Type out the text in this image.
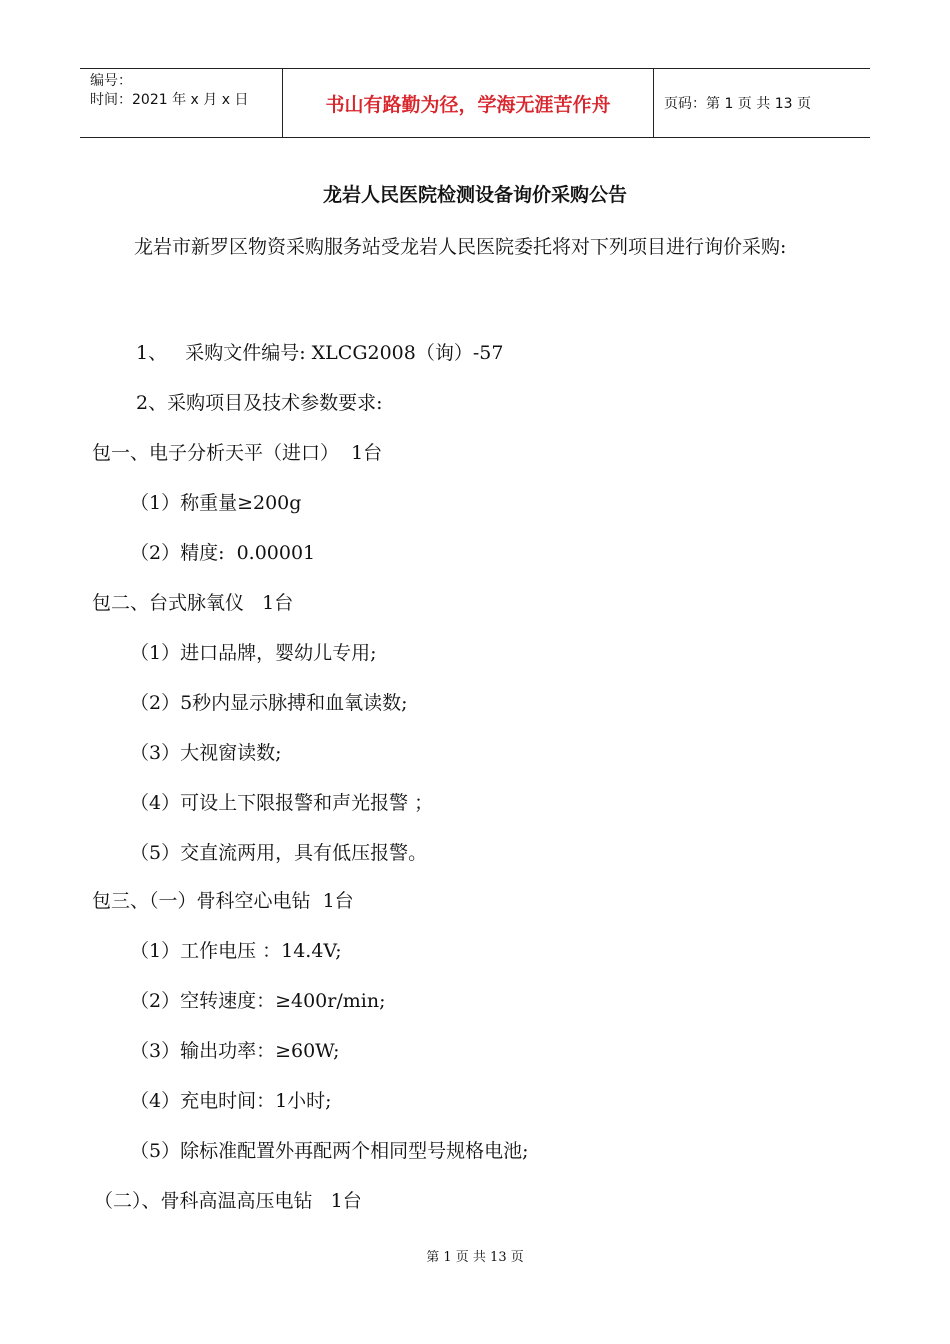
编号：
时间：2021 年 x 月 x 日	书山有路勤为径，学海无涯苦作舟	页码：第 1 页 共 13 页
龙岩人民医院检测设备询价采购公告
龙岩市新罗区物资采购服务站受龙岩人民医院委托将对下列项目进行询价采购:
1、   采购文件编号: XLCG2008（询）-57
2、采购项目及技术参数要求:
包一、电子分析天平（进口）  1台
（1）称重量≥200g
（2）精度:  0.00001
包二、台式脉氧仪   1台
（1）进口品牌，婴幼儿专用;
（2）5秒内显示脉搏和血氧读数;
（3）大视窗读数;
（4）可设上下限报警和声光报警 ；
（5）交直流两用，具有低压报警。
包三、（一）骨科空心电钻  1台
（1）工作电压 ：14.4V;
（2）空转速度：≥400r/min;
（3）输出功率：≥60W;
（4）充电时间：1小时;
（5）除标准配置外再配两个相同型号规格电池;
（二）、骨科高温高压电钻   1台
第 1 页 共 13 页
